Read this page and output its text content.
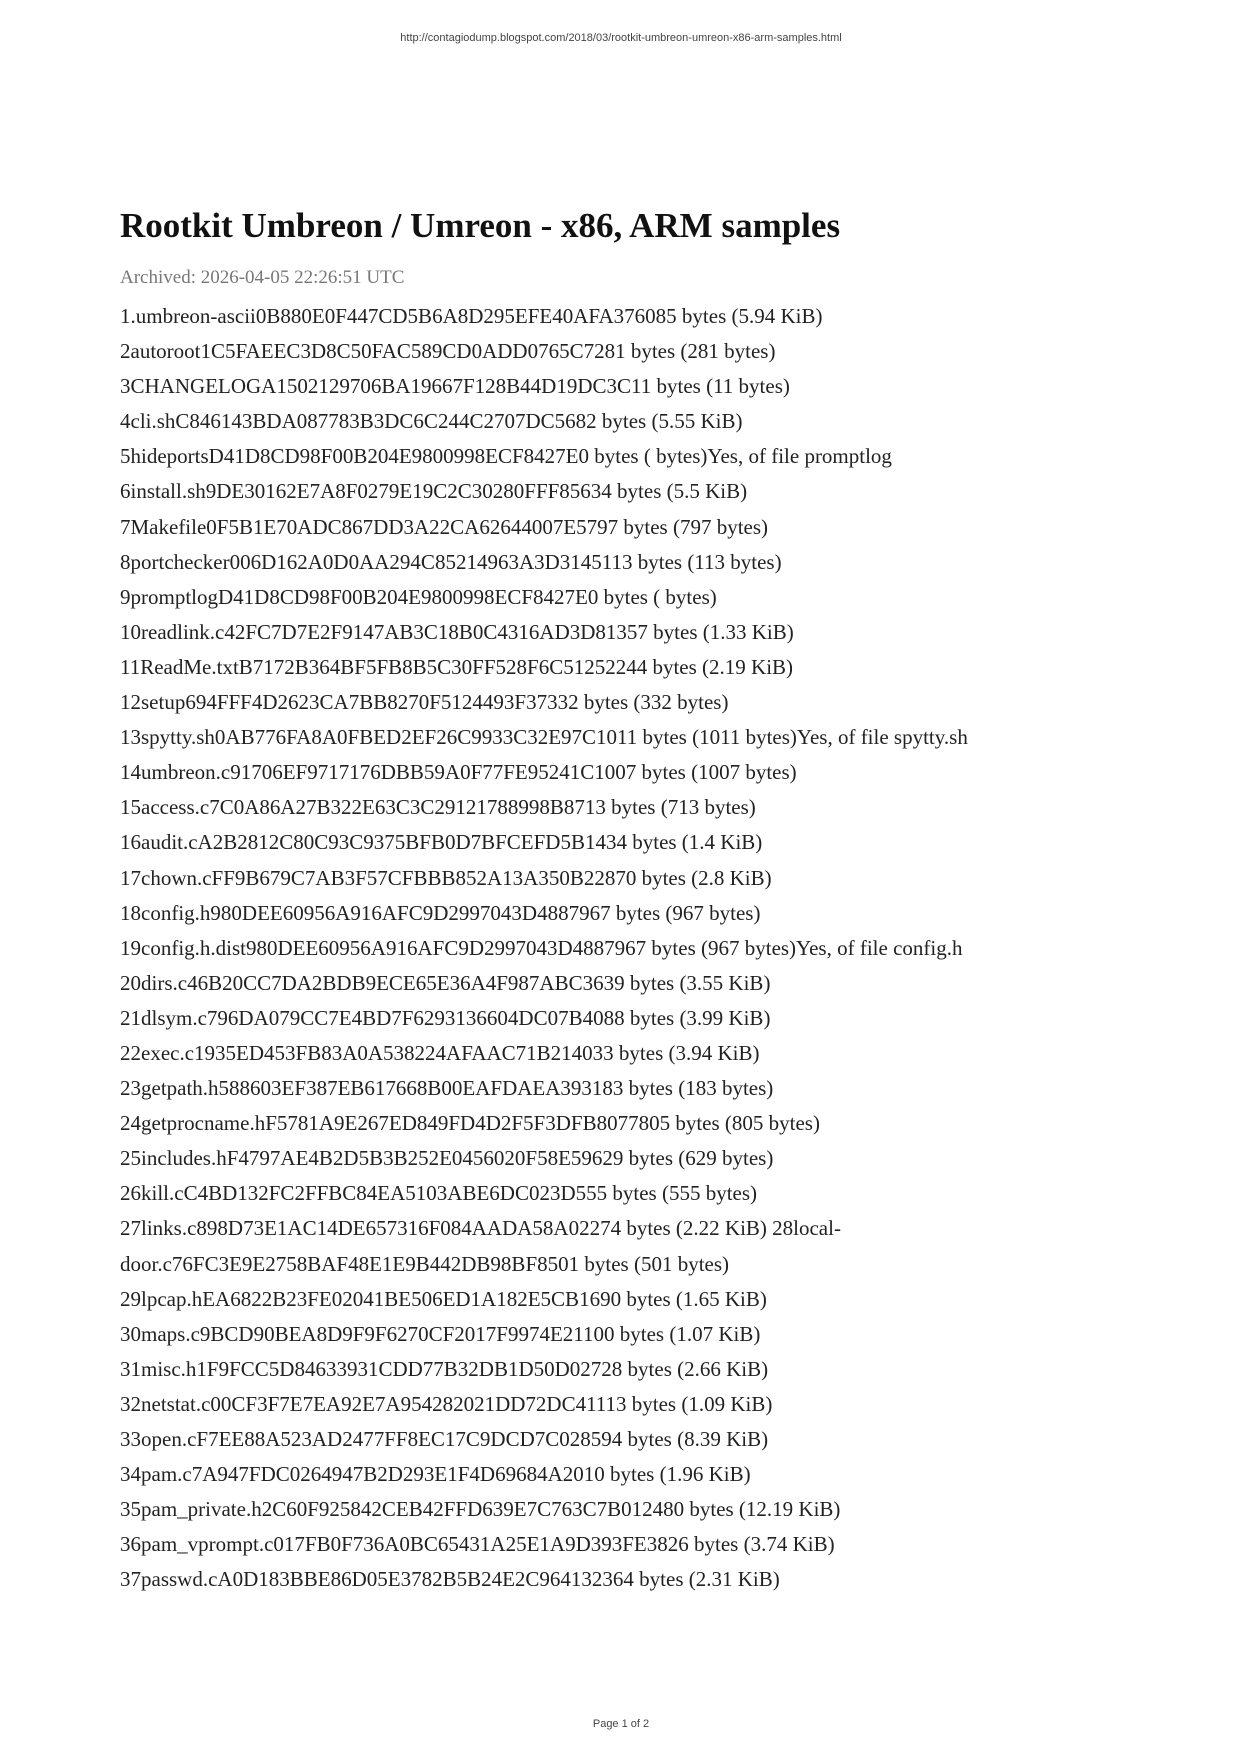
http://contagiodump.blogspot.com/2018/03/rootkit-umbreon-umreon-x86-arm-samples.html
Rootkit Umbreon / Umreon - x86, ARM samples
Archived: 2026-04-05 22:26:51 UTC
1.umbreon-ascii0B880E0F447CD5B6A8D295EFE40AFA376085 bytes (5.94 KiB)
2autoroot1C5FAEEC3D8C50FAC589CD0ADD0765C7281 bytes (281 bytes)
3CHANGELOGA1502129706BA19667F128B44D19DC3C11 bytes (11 bytes)
4cli.shC846143BDA087783B3DC6C244C2707DC5682 bytes (5.55 KiB)
5hideportsD41D8CD98F00B204E9800998ECF8427E0 bytes ( bytes)Yes, of file promptlog
6install.sh9DE30162E7A8F0279E19C2C30280FFF85634 bytes (5.5 KiB)
7Makefile0F5B1E70ADC867DD3A22CA62644007E5797 bytes (797 bytes)
8portchecker006D162A0D0AA294C85214963A3D3145113 bytes (113 bytes)
9promptlogD41D8CD98F00B204E9800998ECF8427E0 bytes ( bytes)
10readlink.c42FC7D7E2F9147AB3C18B0C4316AD3D81357 bytes (1.33 KiB)
11ReadMe.txtB7172B364BF5FB8B5C30FF528F6C51252244 bytes (2.19 KiB)
12setup694FFF4D2623CA7BB8270F5124493F37332 bytes (332 bytes)
13spytty.sh0AB776FA8A0FBED2EF26C9933C32E97C1011 bytes (1011 bytes)Yes, of file spytty.sh
14umbreon.c91706EF9717176DBB59A0F77FE95241C1007 bytes (1007 bytes)
15access.c7C0A86A27B322E63C3C29121788998B8713 bytes (713 bytes)
16audit.cA2B2812C80C93C9375BFB0D7BFCEFD5B1434 bytes (1.4 KiB)
17chown.cFF9B679C7AB3F57CFBBB852A13A350B22870 bytes (2.8 KiB)
18config.h980DEE60956A916AFC9D2997043D4887967 bytes (967 bytes)
19config.h.dist980DEE60956A916AFC9D2997043D4887967 bytes (967 bytes)Yes, of file config.h
20dirs.c46B20CC7DA2BDB9ECE65E36A4F987ABC3639 bytes (3.55 KiB)
21dlsym.c796DA079CC7E4BD7F6293136604DC07B4088 bytes (3.99 KiB)
22exec.c1935ED453FB83A0A538224AFAAC71B214033 bytes (3.94 KiB)
23getpath.h588603EF387EB617668B00EAFDAEA393183 bytes (183 bytes)
24getprocname.hF5781A9E267ED849FD4D2F5F3DFB8077805 bytes (805 bytes)
25includes.hF4797AE4B2D5B3B252E0456020F58E59629 bytes (629 bytes)
26kill.cC4BD132FC2FFBC84EA5103ABE6DC023D555 bytes (555 bytes)
27links.c898D73E1AC14DE657316F084AADA58A02274 bytes (2.22 KiB) 28local-
door.c76FC3E9E2758BAF48E1E9B442DB98BF8501 bytes (501 bytes)
29lpcap.hEA6822B23FE02041BE506ED1A182E5CB1690 bytes (1.65 KiB)
30maps.c9BCD90BEA8D9F9F6270CF2017F9974E21100 bytes (1.07 KiB)
31misc.h1F9FCC5D84633931CDD77B32DB1D50D02728 bytes (2.66 KiB)
32netstat.c00CF3F7E7EA92E7A954282021DD72DC41113 bytes (1.09 KiB)
33open.cF7EE88A523AD2477FF8EC17C9DCD7C028594 bytes (8.39 KiB)
34pam.c7A947FDC0264947B2D293E1F4D69684A2010 bytes (1.96 KiB)
35pam_private.h2C60F925842CEB42FFD639E7C763C7B012480 bytes (12.19 KiB)
36pam_vprompt.c017FB0F736A0BC65431A25E1A9D393FE3826 bytes (3.74 KiB)
37passwd.cA0D183BBE86D05E3782B5B24E2C964132364 bytes (2.31 KiB)
Page 1 of 2
